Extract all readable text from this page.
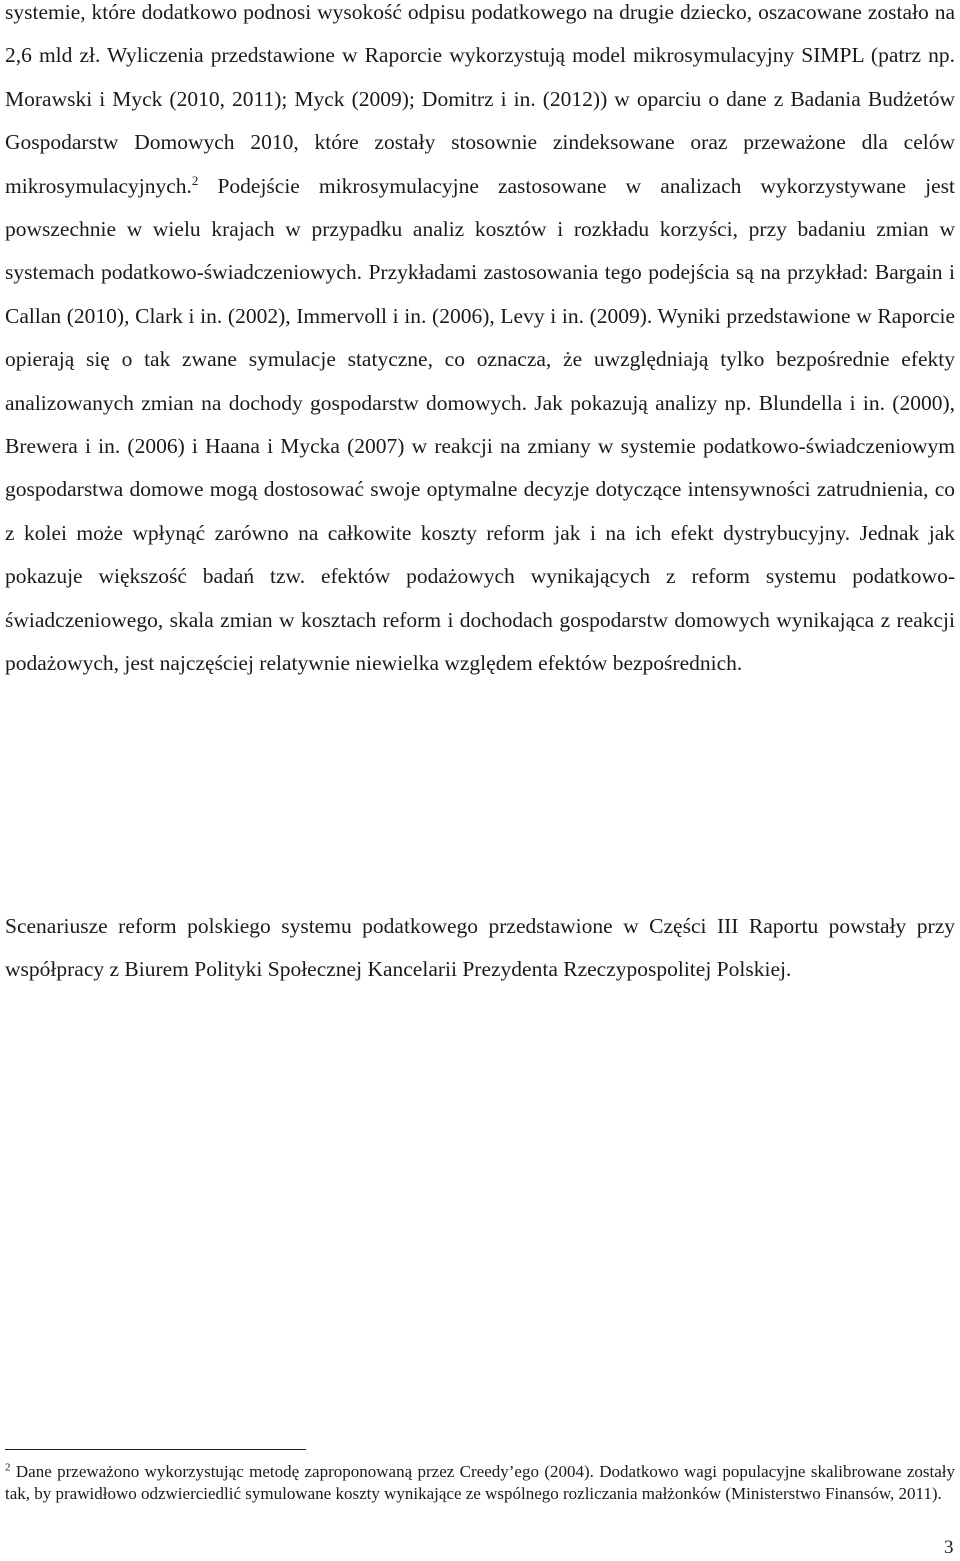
systemie, które dodatkowo podnosi wysokość odpisu podatkowego na drugie dziecko, oszacowane zostało na 2,6 mld zł. Wyliczenia przedstawione w Raporcie wykorzystują model mikrosymulacyjny SIMPL (patrz np. Morawski i Myck (2010, 2011); Myck (2009); Domitrz i in. (2012)) w oparciu o dane z Badania Budżetów Gospodarstw Domowych 2010, które zostały stosownie zindeksowane oraz przeważone dla celów mikrosymulacyjnych.$^2$ Podejście mikrosymulacyjne zastosowane w analizach wykorzystywane jest powszechnie w wielu krajach w przypadku analiz kosztów i rozkładu korzyści, przy badaniu zmian w systemach podatkowo-świadczeniowych. Przykładami zastosowania tego podejścia są na przykład: Bargain i Callan (2010), Clark i in. (2002), Immervoll i in. (2006), Levy i in. (2009). Wyniki przedstawione w Raporcie opierają się o tak zwane symulacje statyczne, co oznacza, że uwzględniają tylko bezpośrednie efekty analizowanych zmian na dochody gospodarstw domowych. Jak pokazują analizy np. Blundella i in. (2000), Brewera i in. (2006) i Haana i Mycka (2007) w reakcji na zmiany w systemie podatkowo-świadczeniowym gospodarstwa domowe mogą dostosować swoje optymalne decyzje dotyczące intensywności zatrudnienia, co z kolei może wpłynąć zarówno na całkowite koszty reform jak i na ich efekt dystrybucyjny. Jednak jak pokazuje większość badań tzw. efektów podażowych wynikających z reform systemu podatkowo-świadczeniowego, skala zmian w kosztach reform i dochodach gospodarstw domowych wynikająca z reakcji podażowych, jest najczęściej relatywnie niewielka względem efektów bezpośrednich.

Scenariusze reform polskiego systemu podatkowego przedstawione w Części III Raportu powstały przy współpracy z Biurem Polityki Społecznej Kancelarii Prezydenta Rzeczypospolitej Polskiej.

$^2$ Dane przeważono wykorzystując metodę zaproponowaną przez Creedy’ego (2004). Dodatkowo wagi populacyjne skalibrowane zostały tak, by prawidłowo odzwierciedlić symulowane koszty wynikające ze wspólnego rozliczania małżonków (Ministerstwo Finansów, 2011).

3
